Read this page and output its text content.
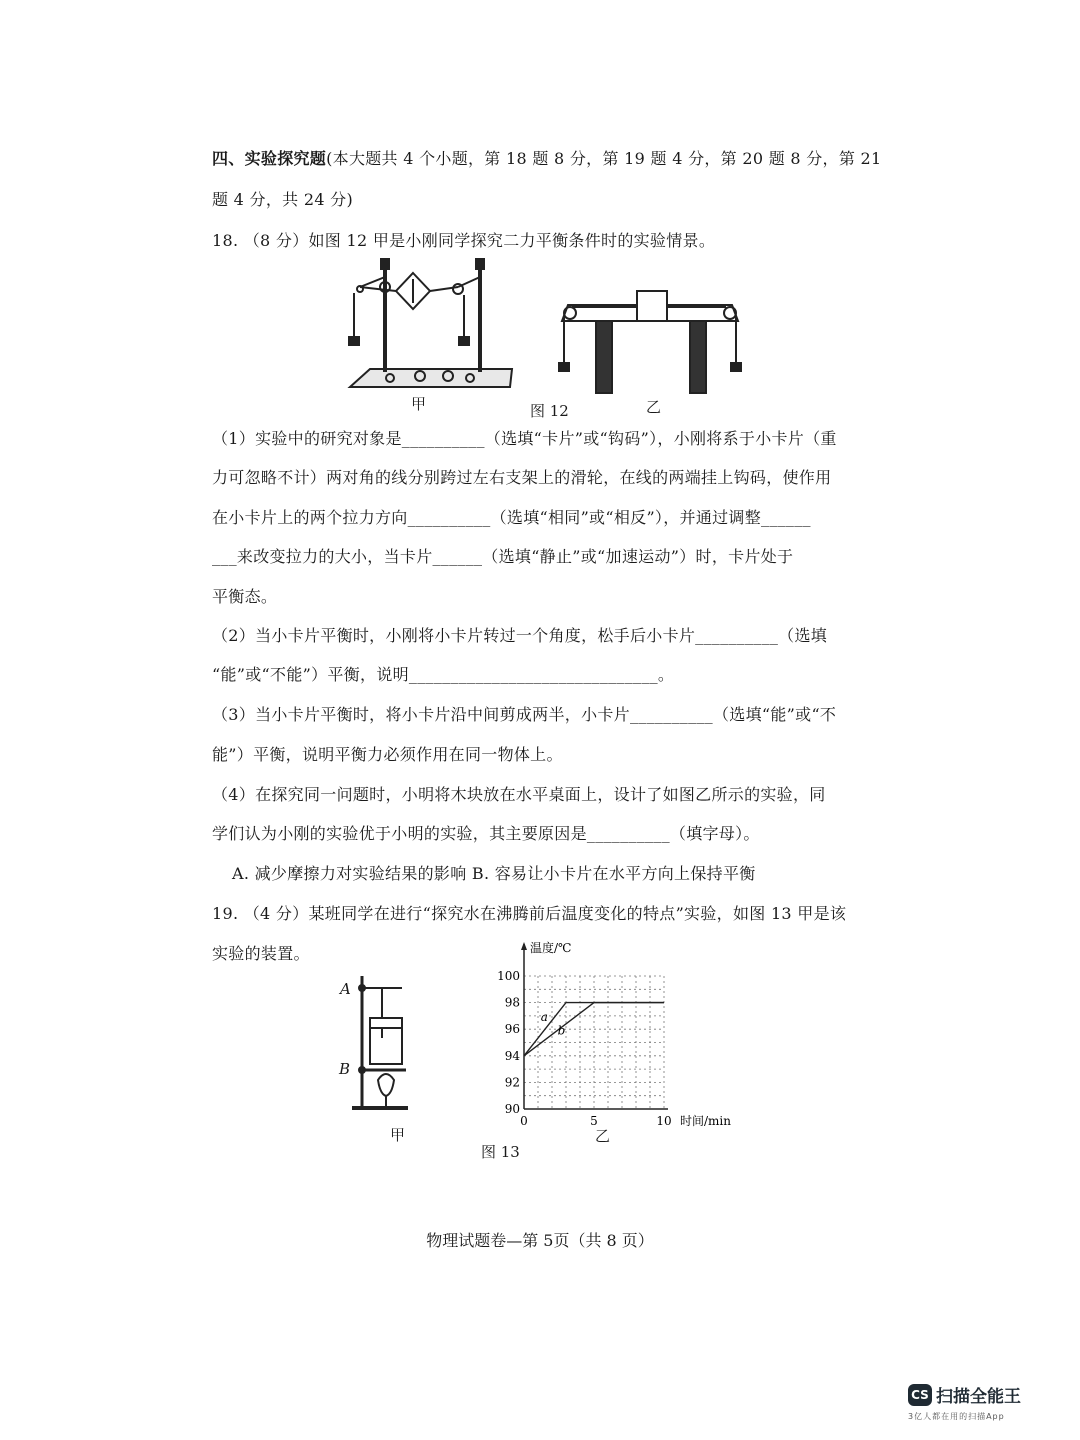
四、实验探究题(本大题共 4 个小题，第 18 题 8 分，第 19 题 4 分，第 20 题 8 分，第 21
题 4 分，共 24 分)
18. （8 分）如图 12 甲是小刚同学探究二力平衡条件时的实验情景。
甲	图 12	乙
（1）实验中的研究对象是__________（选填“卡片”或“钩码”），小刚将系于小卡片（重
力可忽略不计）两对角的线分别跨过左右支架上的滑轮，在线的两端挂上钩码，使作用
在小卡片上的两个拉力方向__________（选填“相同”或“相反”），并通过调整______
___来改变拉力的大小，当卡片______（选填“静止”或“加速运动”）时，卡片处于
平衡态。
（2）当小卡片平衡时，小刚将小卡片转过一个角度，松手后小卡片__________（选填
“能”或“不能”）平衡，说明______________________________。
（3）当小卡片平衡时，将小卡片沿中间剪成两半，小卡片__________（选填“能”或“不
能”）平衡，说明平衡力必须作用在同一物体上。
（4）在探究同一问题时，小明将木块放在水平桌面上，设计了如图乙所示的实验，同
学们认为小刚的实验优于小明的实验，其主要原因是__________（填字母）。
A. 减少摩擦力对实验结果的影响 B. 容易让小卡片在水平方向上保持平衡
19. （4 分）某班同学在进行“探究水在沸腾前后温度变化的特点”实验，如图 13 甲是该
实验的装置。
A
B
甲
温度/℃
时间/min
90
92
94
96
98
100
0	5	10
a
b
乙
图 13
物理试题卷—第 5页（共 8 页）
CS 扫描全能王
3亿人都在用的扫描App
